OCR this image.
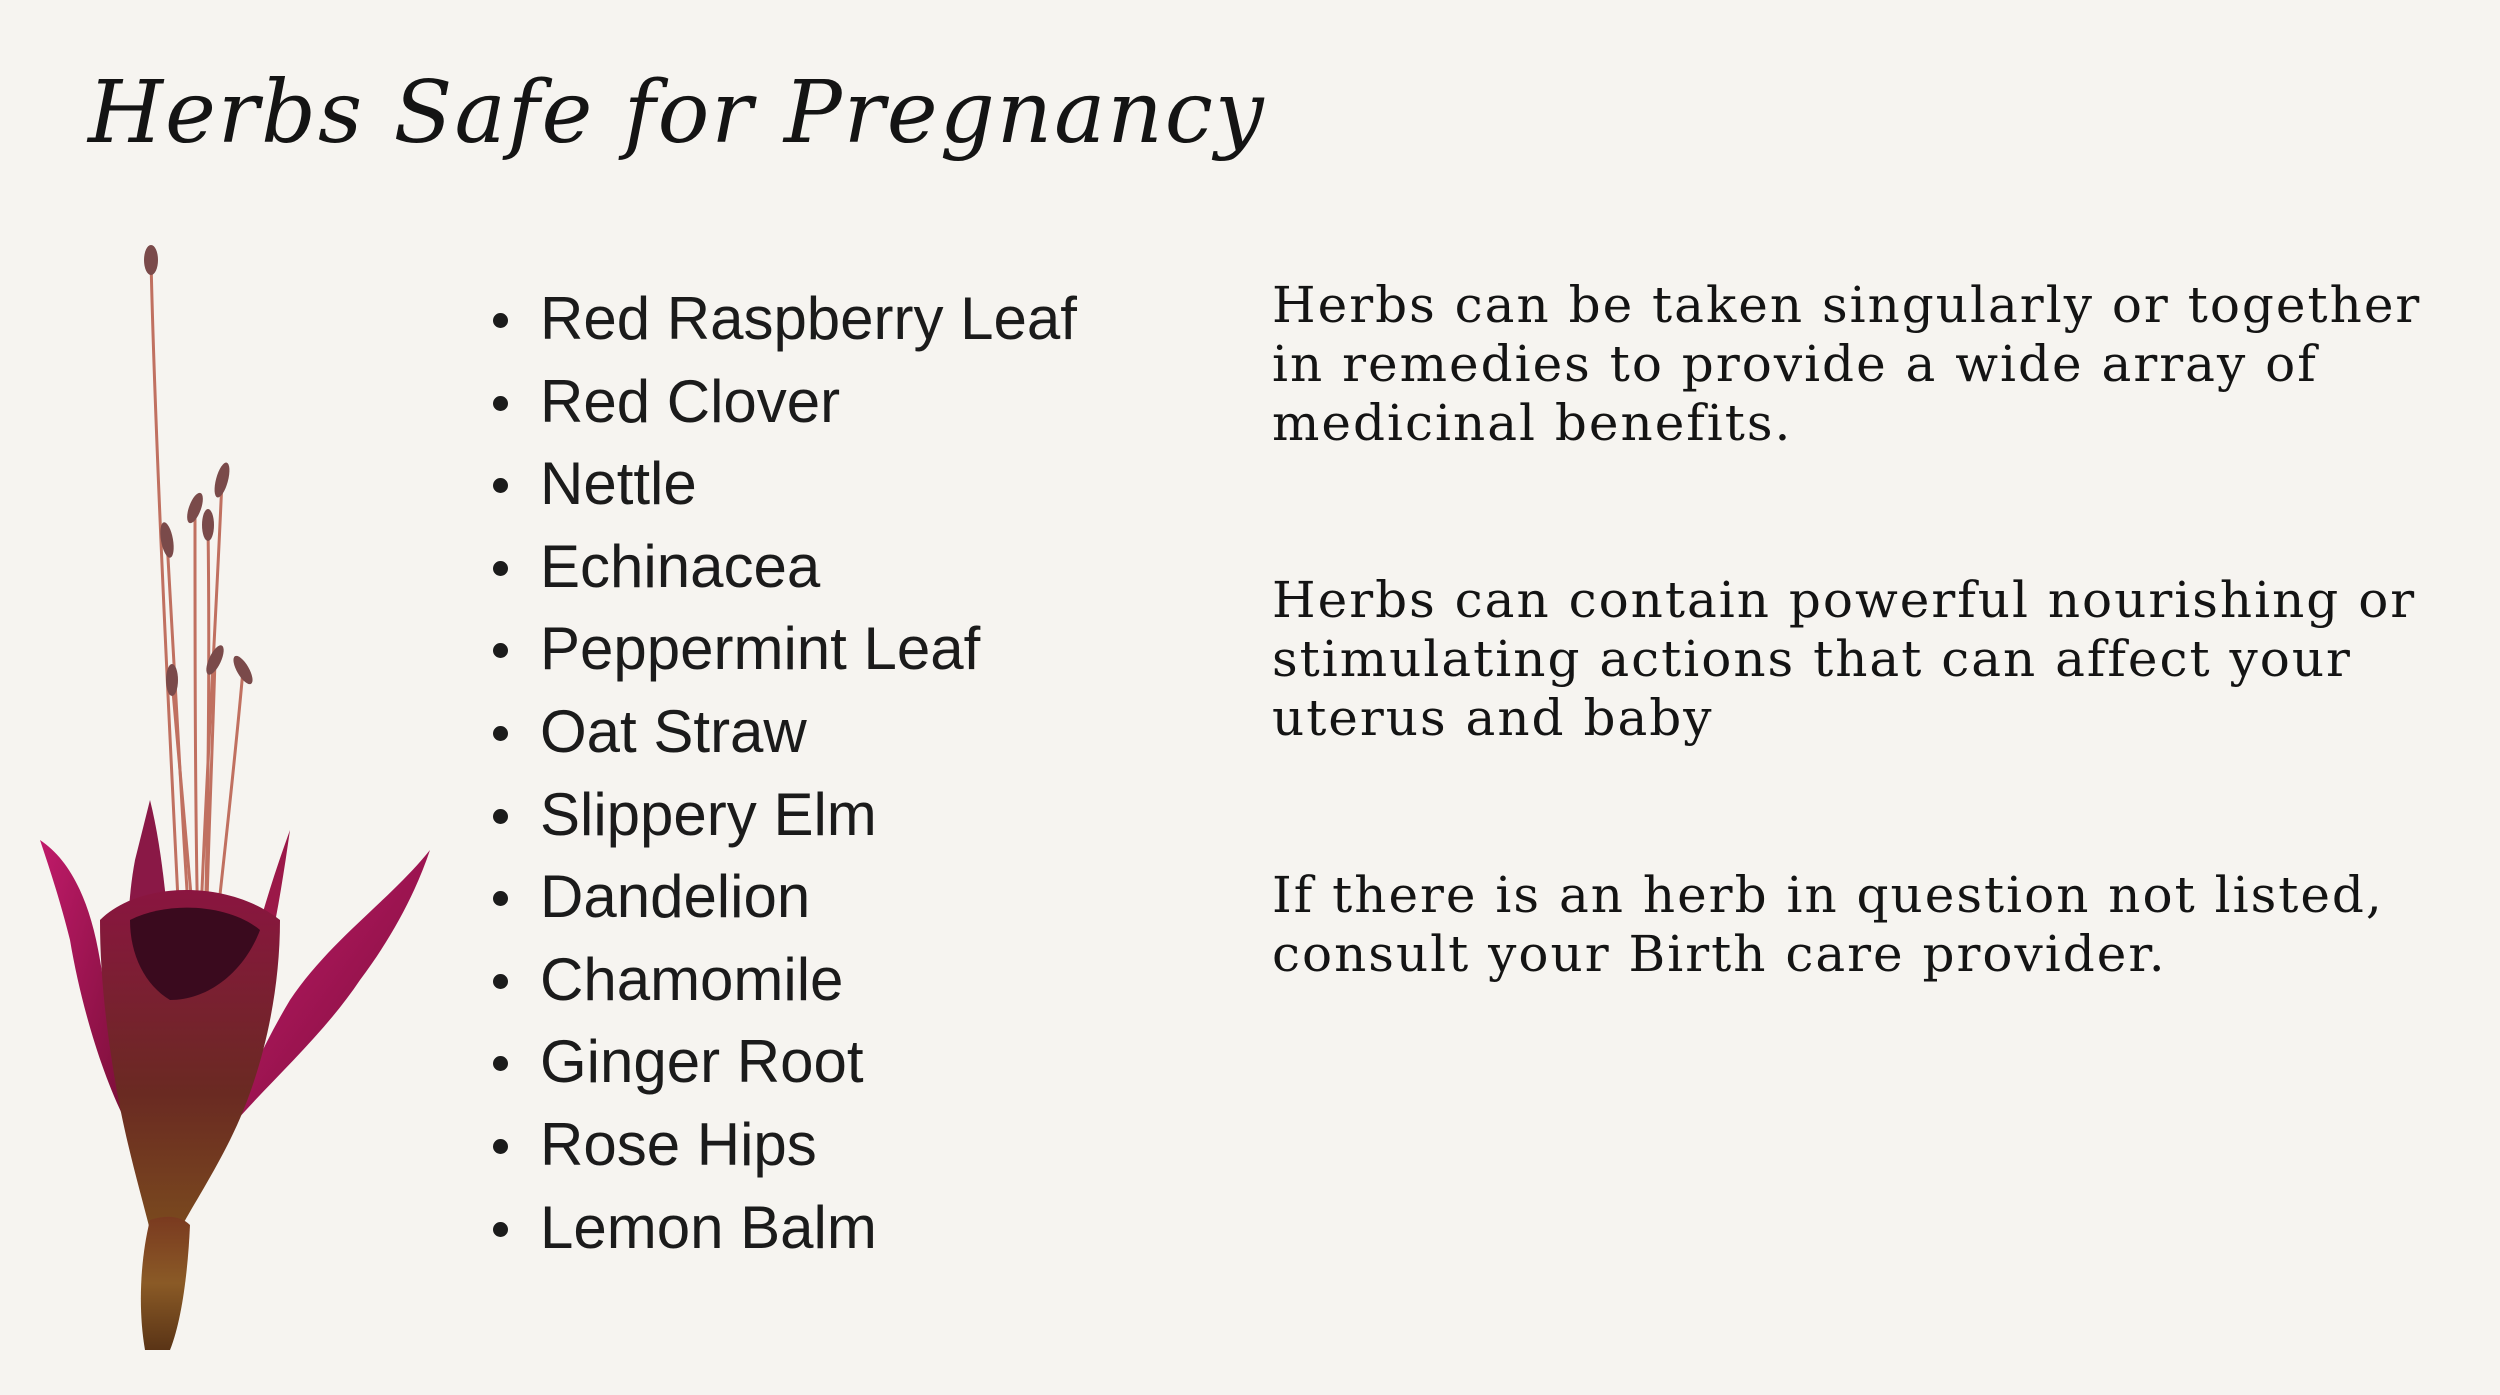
Herbs Safe for Pregnancy
Red Raspberry Leaf
Red Clover
Nettle
Echinacea
Peppermint Leaf
Oat Straw
Slippery Elm
Dandelion
Chamomile
Ginger Root
Rose Hips
Lemon Balm

Herbs can be taken singularly or together in remedies to provide a wide array of medicinal benefits.

Herbs can contain powerful nourishing or stimulating actions that can affect your uterus and baby

If there is an herb in question not listed, consult your Birth care provider.
